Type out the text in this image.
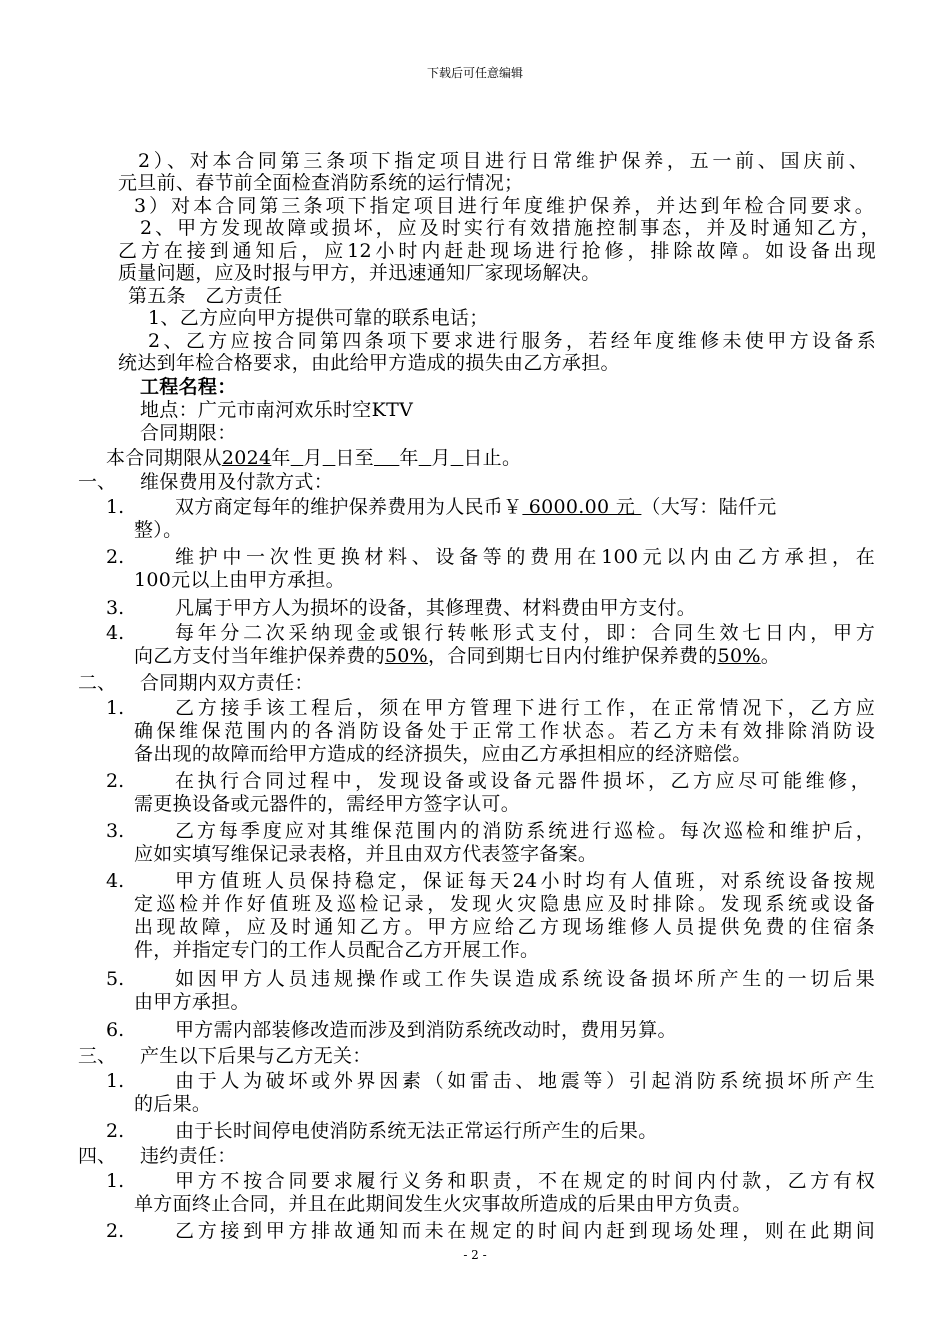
下载后可任意编辑
2）、对本合同第三条项下指定项目进行日常维护保养，五一前、国庆前、
元旦前、春节前全面检查消防系统的运行情况；
3）对本合同第三条项下指定项目进行年度维护保养，并达到年检合同要求。
2、甲方发现故障或损坏，应及时实行有效措施控制事态，并及时通知乙方，
乙方在接到通知后，应12小时内赶赴现场进行抢修，排除故障。如设备出现
质量问题，应及时报与甲方，并迅速通知厂家现场解决。
第五条　乙方责任
1、乙方应向甲方提供可靠的联系电话；
2、乙方应按合同第四条项下要求进行服务，若经年度维修未使甲方设备系
统达到年检合格要求，由此给甲方造成的损失由乙方承担。
工程名程：
地点：广元市南河欢乐时空KTV
合同期限：
本合同期限从2024年 月 日至 年 月 日止。
一、 维保费用及付款方式：
1.	双方商定每年的维护保养费用为人民币￥ 6000.00 元 （大写：陆仟元
整）。
2.	维护中一次性更换材料、设备等的费用在100元以内由乙方承担，在
100元以上由甲方承担。
3.	凡属于甲方人为损坏的设备，其修理费、材料费由甲方支付。
4.	每年分二次采纳现金或银行转帐形式支付，即：合同生效七日内，甲方
向乙方支付当年维护保养费的50%，合同到期七日内付维护保养费的50%。
二、 合同期内双方责任：
1.	乙方接手该工程后，须在甲方管理下进行工作，在正常情况下，乙方应
确保维保范围内的各消防设备处于正常工作状态。若乙方未有效排除消防设
备出现的故障而给甲方造成的经济损失，应由乙方承担相应的经济赔偿。
2.	在执行合同过程中，发现设备或设备元器件损坏，乙方应尽可能维修，
需更换设备或元器件的，需经甲方签字认可。
3.	乙方每季度应对其维保范围内的消防系统进行巡检。每次巡检和维护后，
应如实填写维保记录表格，并且由双方代表签字备案。
4.	甲方值班人员保持稳定，保证每天24小时均有人值班，对系统设备按规
定巡检并作好值班及巡检记录，发现火灾隐患应及时排除。发现系统或设备
出现故障，应及时通知乙方。甲方应给乙方现场维修人员提供免费的住宿条
件，并指定专门的工作人员配合乙方开展工作。
5.	如因甲方人员违规操作或工作失误造成系统设备损坏所产生的一切后果
由甲方承担。
6.	甲方需内部装修改造而涉及到消防系统改动时，费用另算。
三、 产生以下后果与乙方无关：
1.	由于人为破坏或外界因素（如雷击、地震等）引起消防系统损坏所产生
的后果。
2.	由于长时间停电使消防系统无法正常运行所产生的后果。
四、 违约责任：
1.	甲方不按合同要求履行义务和职责，不在规定的时间内付款，乙方有权
单方面终止合同，并且在此期间发生火灾事故所造成的后果由甲方负责。
2.	乙方接到甲方排故通知而未在规定的时间内赶到现场处理，则在此期间
- 2 -
